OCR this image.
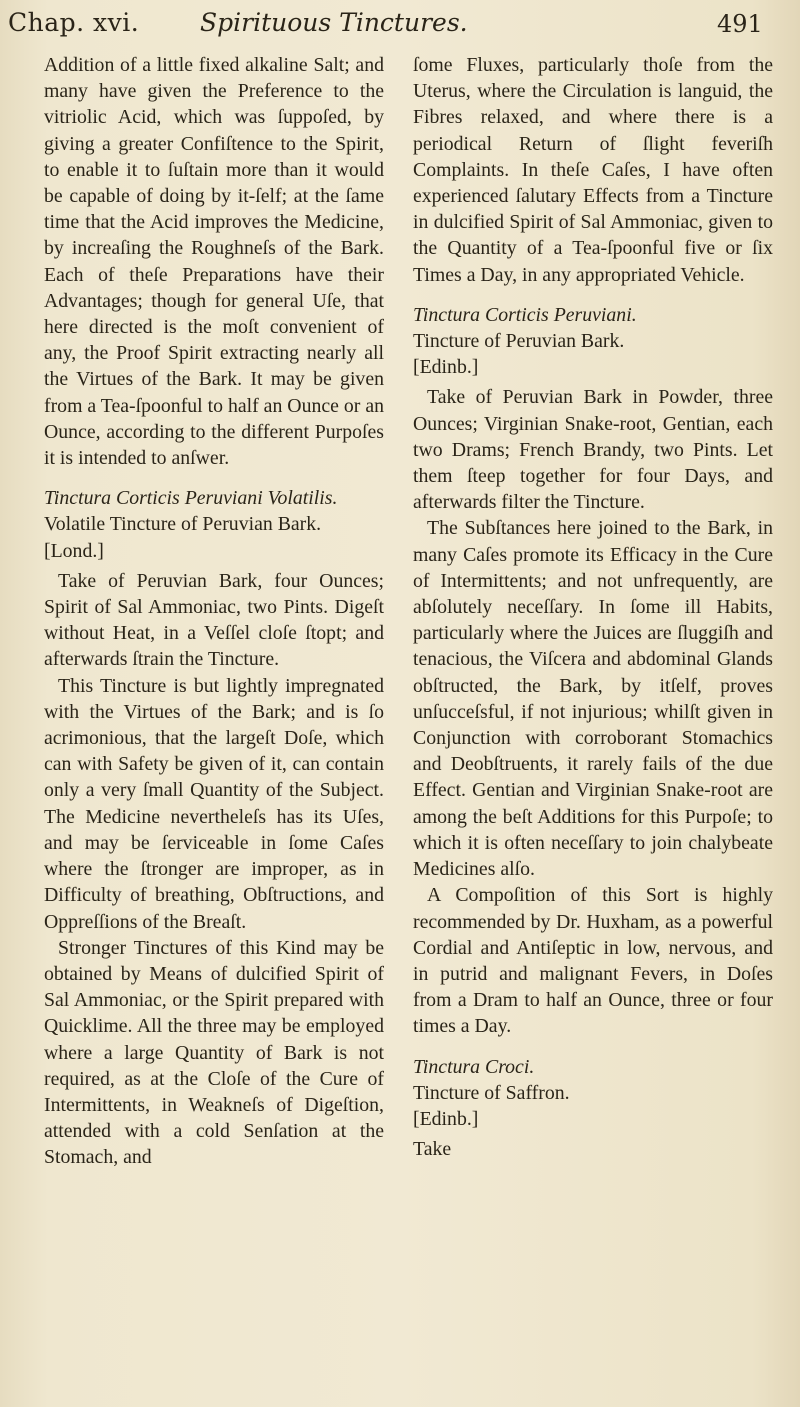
Chap. xvi. Spirituous Tinctures.	491

Addition of a little fixed alkaline Salt; and many have given the Preference to the vitriolic Acid, which was ſuppoſed, by giving a greater Confiſtence to the Spirit, to enable it to ſuſtain more than it would be capable of doing by it-ſelf; at the ſame time that the Acid improves the Medicine, by increaſing the Roughneſs of the Bark. Each of theſe Preparations have their Advantages; though for general Uſe, that here directed is the moſt convenient of any, the Proof Spirit extracting nearly all the Virtues of the Bark. It may be given from a Tea-ſpoonful to half an Ounce or an Ounce, according to the different Purpoſes it is intended to anſwer.

Tinctura Corticis Peruviani Volatilis.

Volatile Tincture of Peruvian Bark.

[Lond.]

Take of Peruvian Bark, four Ounces; Spirit of Sal Ammoniac, two Pints. Digeſt without Heat, in a Veſſel cloſe ſtopt; and afterwards ſtrain the Tincture.

This Tincture is but lightly impregnated with the Virtues of the Bark; and is ſo acrimonious, that the largeſt Doſe, which can with Safety be given of it, can contain only a very ſmall Quantity of the Subject. The Medicine nevertheleſs has its Uſes, and may be ſerviceable in ſome Caſes where the ſtronger are improper, as in Difficulty of breathing, Obſtructions, and Oppreſſions of the Breaſt.

Stronger Tinctures of this Kind may be obtained by Means of dulcified Spirit of Sal Ammoniac, or the Spirit prepared with Quicklime. All the three may be employed where a large Quantity of Bark is not required, as at the Cloſe of the Cure of Intermittents, in Weakneſs of Digeſtion, attended with a cold Senſation at the Stomach, and

ſome Fluxes, particularly thoſe from the Uterus, where the Circulation is languid, the Fibres relaxed, and where there is a periodical Return of ſlight feveriſh Complaints. In theſe Caſes, I have often experienced ſalutary Effects from a Tincture in dulcified Spirit of Sal Ammoniac, given to the Quantity of a Tea-ſpoonful five or ſix Times a Day, in any appropriated Vehicle.

Tinctura Corticis Peruviani.

Tincture of Peruvian Bark.

[Edinb.]

Take of Peruvian Bark in Powder, three Ounces; Virginian Snake-root, Gentian, each two Drams; French Brandy, two Pints. Let them ſteep together for four Days, and afterwards filter the Tincture.

The Subſtances here joined to the Bark, in many Caſes promote its Efficacy in the Cure of Intermittents; and not unfrequently, are abſolutely neceſſary. In ſome ill Habits, particularly where the Juices are ſluggiſh and tenacious, the Viſcera and abdominal Glands obſtructed, the Bark, by itſelf, proves unſucceſsful, if not injurious; whilſt given in Conjunction with corroborant Stomachics and Deobſtruents, it rarely fails of the due Effect. Gentian and Virginian Snake-root are among the beſt Additions for this Purpoſe; to which it is often neceſſary to join chalybeate Medicines alſo.

A Compoſition of this Sort is highly recommended by Dr. Huxham, as a powerful Cordial and Antiſeptic in low, nervous, and in putrid and malignant Fevers, in Doſes from a Dram to half an Ounce, three or four times a Day.

Tinctura Croci.

Tincture of Saffron.

[Edinb.]

Take
